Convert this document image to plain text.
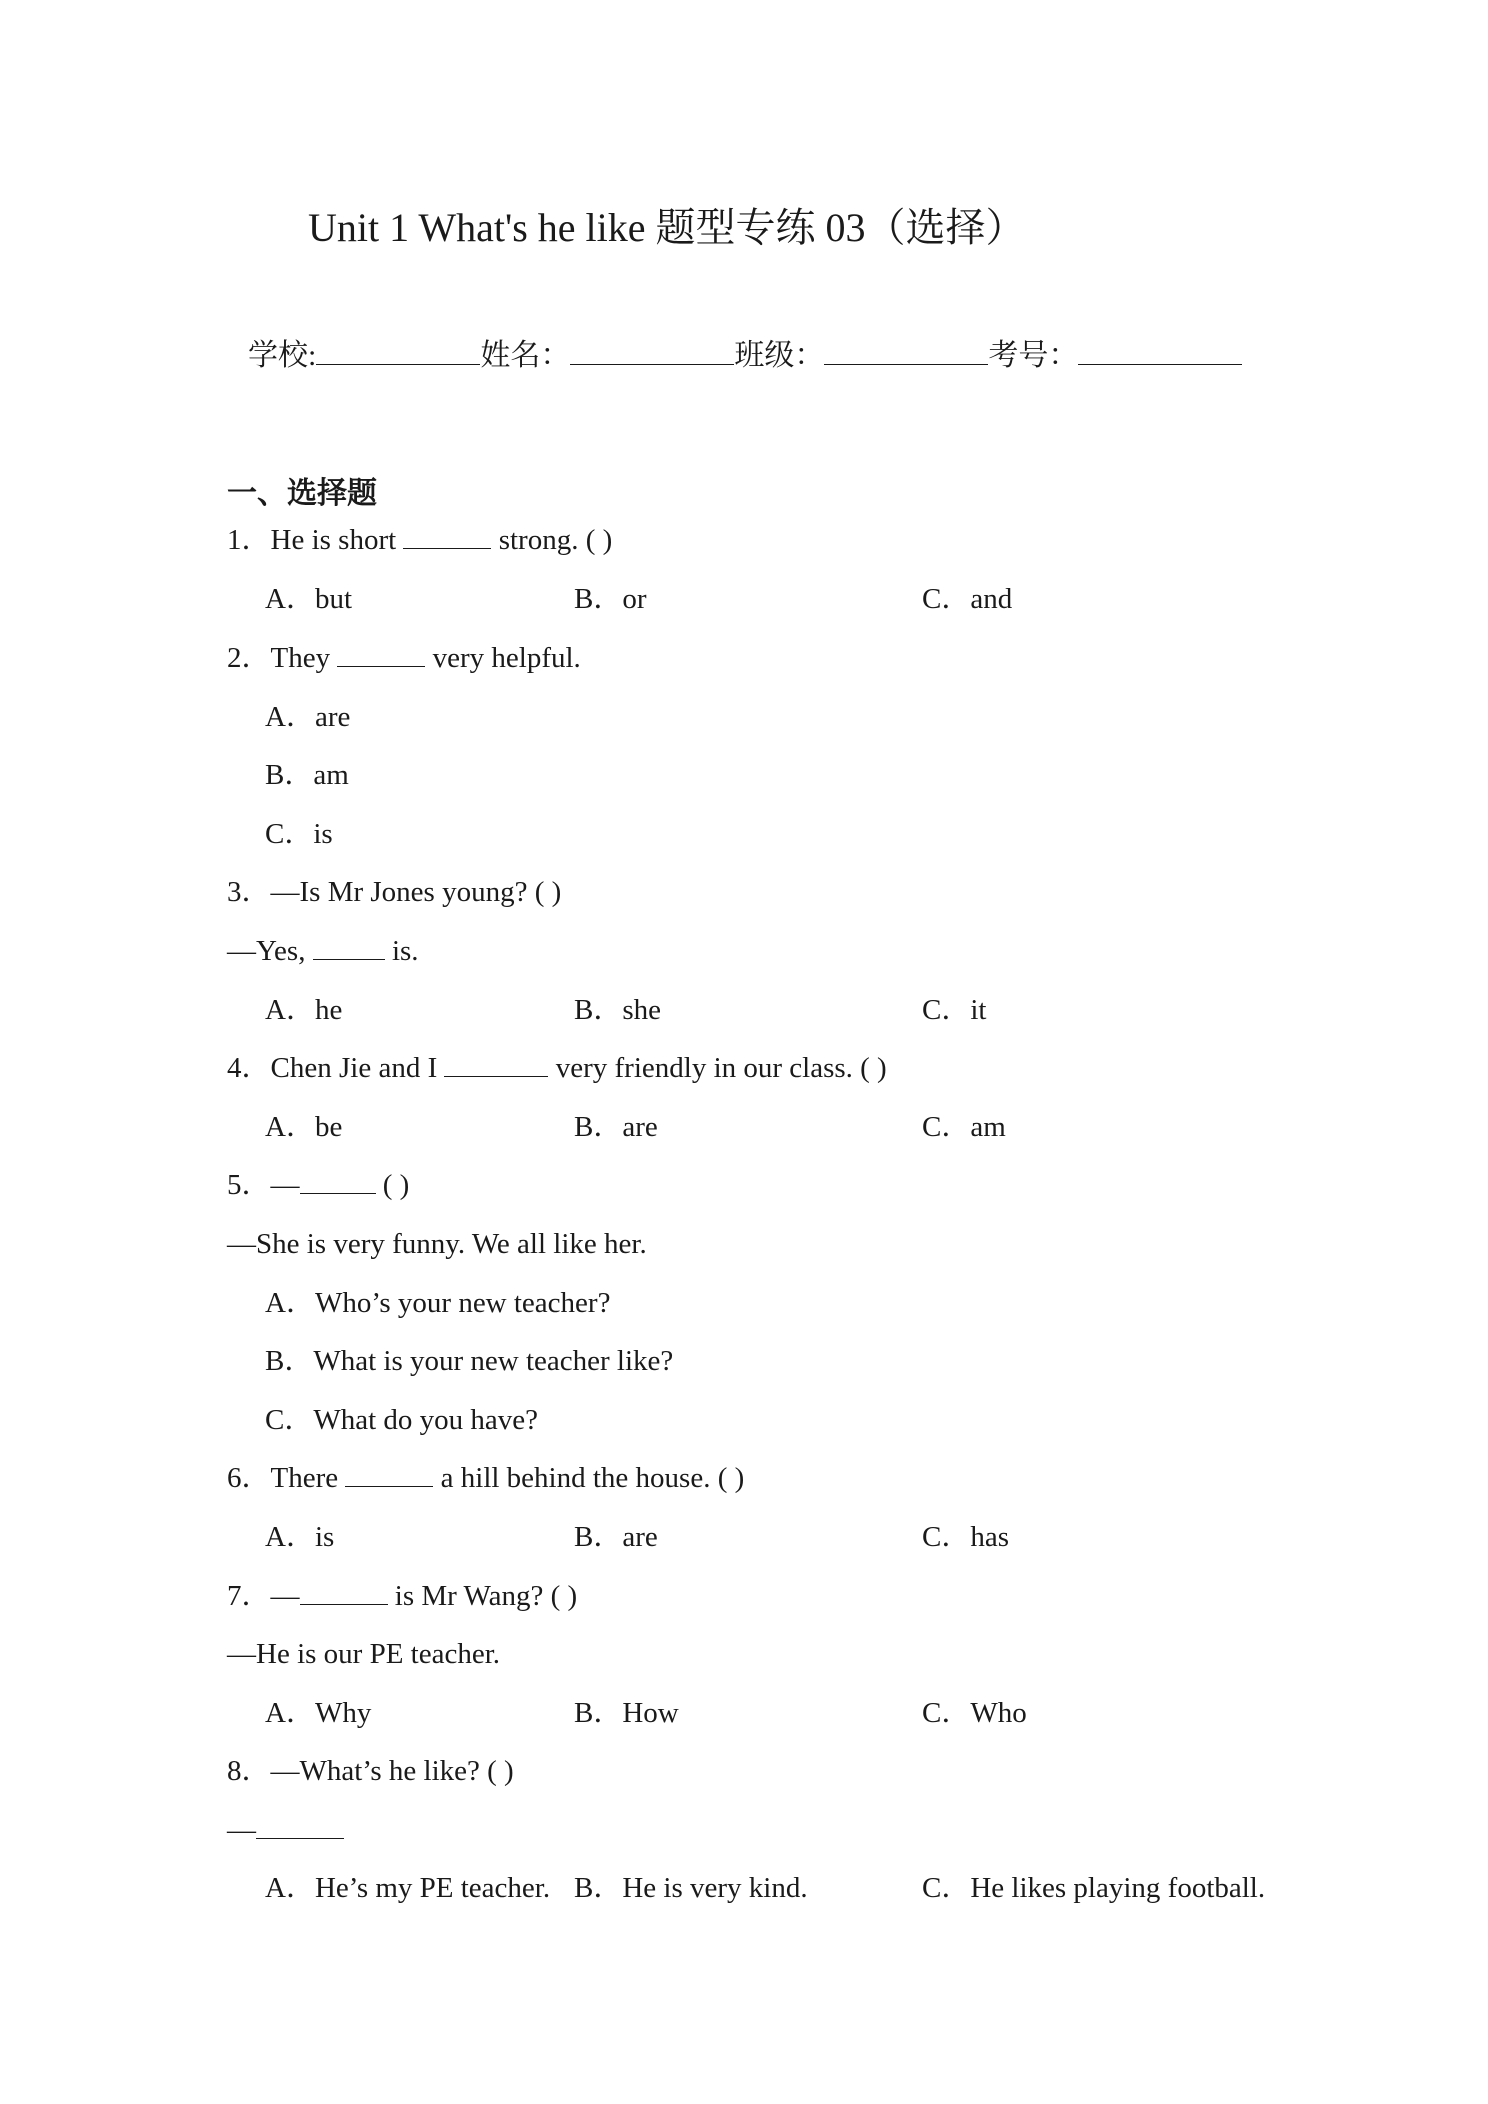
Unit 1 What's he like 题型专练 03（选择）
学校:	姓名：	班级：	考号：
一、选择题
1．He is short	strong. ( )
A．but	B．or	C．and
2．They	very helpful.
A．are
B．am
C．is
3．—Is Mr Jones young? ( )
—Yes,  is.
A．he	B．she	C．it
4．Chen Jie and I	very friendly in our class. ( )
A．be	B．are	C．am
5．—	( )
—She is very funny. We all like her.
A．Who’s your new teacher?
B．What is your new teacher like?
C．What do you have?
6．There	a hill behind the house. ( )
A．is	B．are	C．has
7．—	is Mr Wang? ( )
—He is our PE teacher.
A．Why	B．How	C．Who
8．—What’s he like? ( )
—
A．He’s my PE teacher. B．He is very kind.	C．He likes playing football.
